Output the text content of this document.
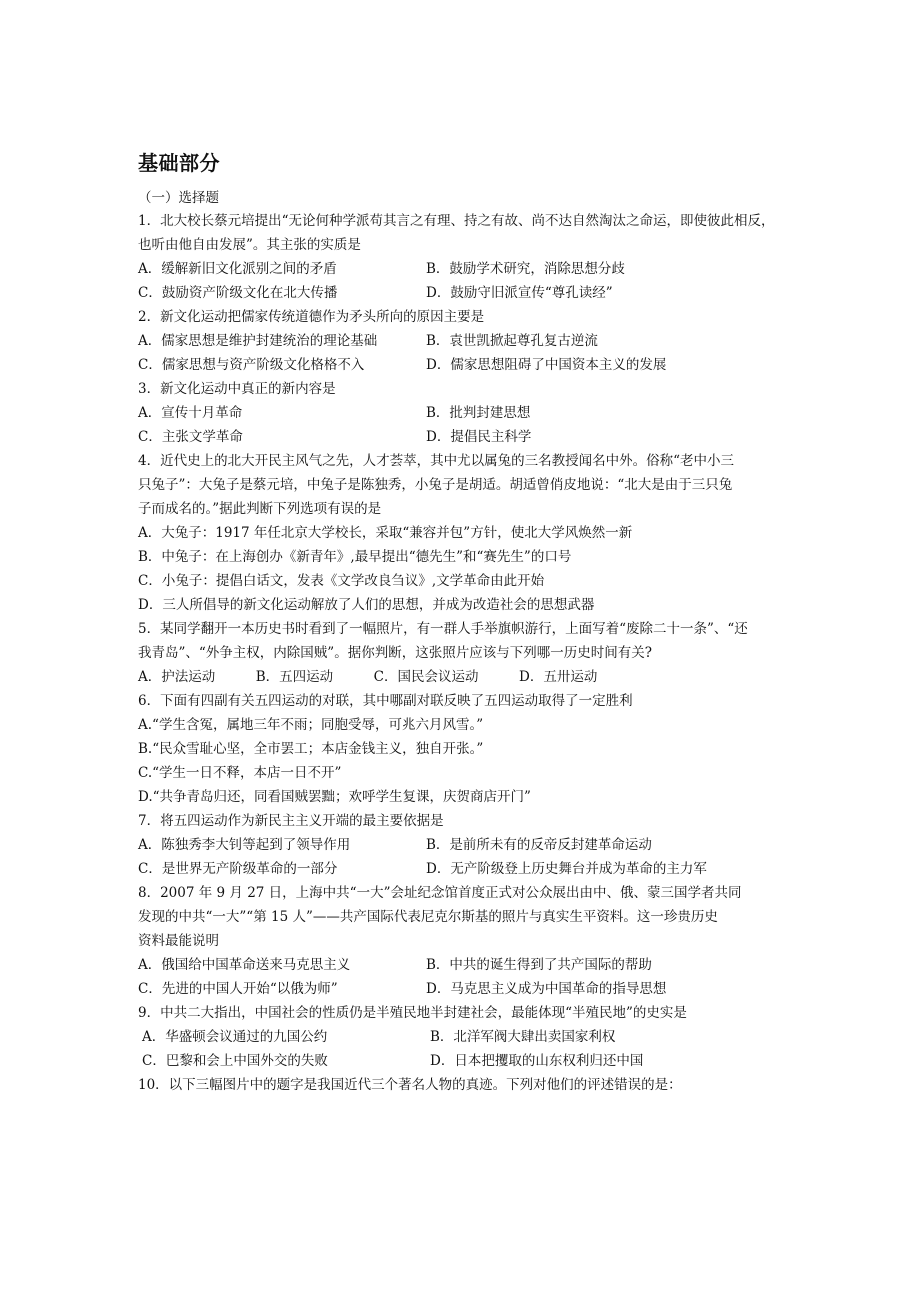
基础部分
（一）选择题
1．北大校长蔡元培提出“无论何种学派苟其言之有理、持之有故、尚不达自然淘汰之命运，即使彼此相反，
也听由他自由发展”。其主张的实质是
A．缓解新旧文化派别之间的矛盾	B．鼓励学术研究，消除思想分歧
C．鼓励资产阶级文化在北大传播	D．鼓励守旧派宣传“尊孔读经”
2．新文化运动把儒家传统道德作为矛头所向的原因主要是
A．儒家思想是维护封建统治的理论基础	B．袁世凯掀起尊孔复古逆流
C．儒家思想与资产阶级文化格格不入	D．儒家思想阻碍了中国资本主义的发展
3．新文化运动中真正的新内容是
A．宣传十月革命	B．批判封建思想
C．主张文学革命	D．提倡民主科学
4．近代史上的北大开民主风气之先，人才荟萃，其中尤以属兔的三名教授闻名中外。俗称“老中小三
只兔子”：大兔子是蔡元培，中兔子是陈独秀，小兔子是胡适。胡适曾俏皮地说：“北大是由于三只兔
子而成名的。”据此判断下列选项有误的是
A．大兔子：1917 年任北京大学校长，采取“兼容并包”方针，使北大学风焕然一新
B．中兔子：在上海创办《新青年》,最早提出“德先生”和“赛先生”的口号
C．小兔子：提倡白话文，发表《文学改良刍议》,文学革命由此开始
D．三人所倡导的新文化运动解放了人们的思想，并成为改造社会的思想武器
5．某同学翻开一本历史书时看到了一幅照片，有一群人手举旗帜游行，上面写着“废除二十一条”、“还
我青岛”、“外争主权，内除国贼”。据你判断，这张照片应该与下列哪一历史时间有关?
A．护法运动　　　B．五四运动　　　C．国民会议运动　　　D．五卅运动
6．下面有四副有关五四运动的对联，其中哪副对联反映了五四运动取得了一定胜利
A.“学生含冤，属地三年不雨；同胞受辱，可兆六月风雪。”
B.“民众雪耻心坚，全市罢工；本店金钱主义，独自开张。”
C.“学生一日不释，本店一日不开”
D.“共争青岛归还，同看国贼罢黜；欢呼学生复课，庆贺商店开门”
7．将五四运动作为新民主主义开端的最主要依据是
A．陈独秀李大钊等起到了领导作用	B．是前所未有的反帝反封建革命运动
C．是世界无产阶级革命的一部分	D．无产阶级登上历史舞台并成为革命的主力军
8．2007 年 9 月 27 日，上海中共“一大”会址纪念馆首度正式对公众展出由中、俄、蒙三国学者共同
发现的中共“一大”“第 15 人”——共产国际代表尼克尔斯基的照片与真实生平资料。这一珍贵历史
资料最能说明
A．俄国给中国革命送来马克思主义	B．中共的诞生得到了共产国际的帮助
C．先进的中国人开始“以俄为师”	D．马克思主义成为中国革命的指导思想
9．中共二大指出，中国社会的性质仍是半殖民地半封建社会，最能体现“半殖民地”的史实是
A．华盛顿会议通过的九国公约	B．北洋军阀大肆出卖国家利权
C．巴黎和会上中国外交的失败	D．日本把攫取的山东权利归还中国
10．以下三幅图片中的题字是我国近代三个著名人物的真迹。下列对他们的评述错误的是：
